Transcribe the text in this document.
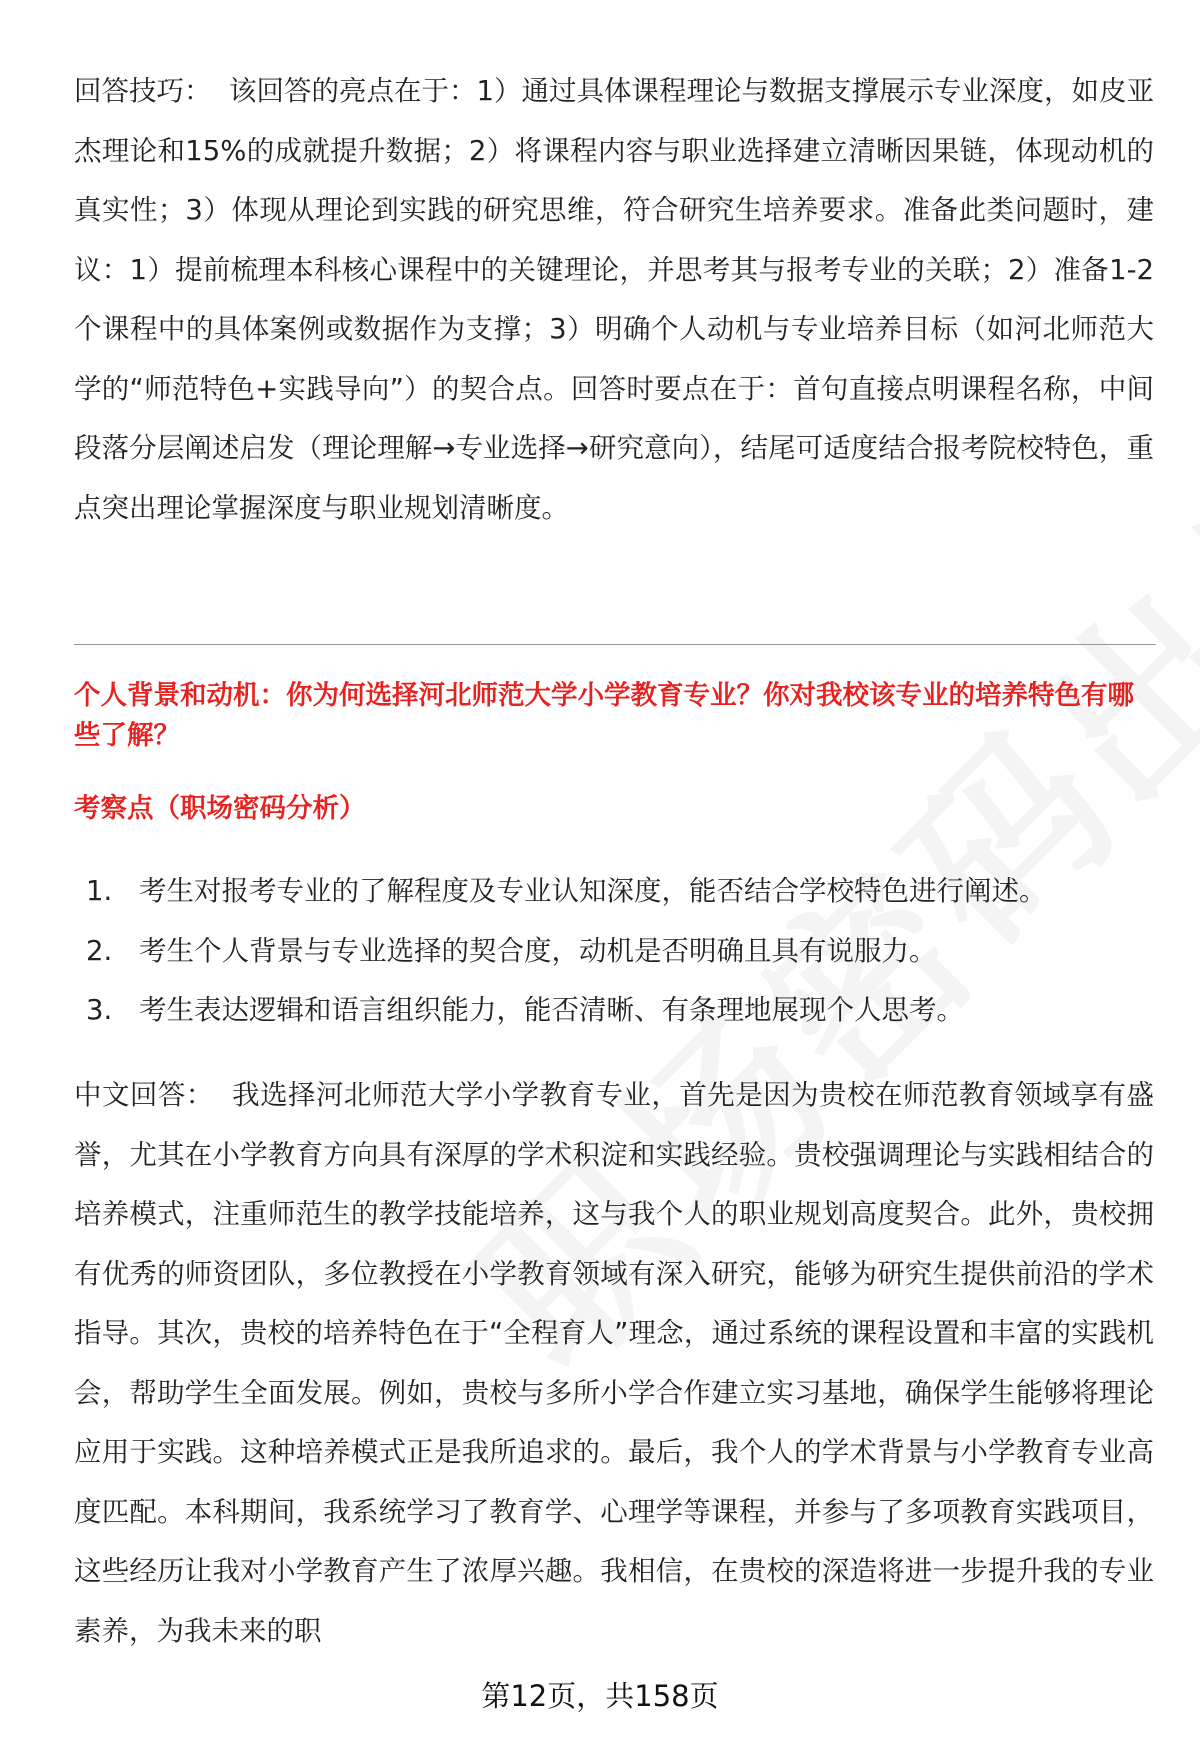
回答技巧： 该回答的亮点在于：1）通过具体课程理论与数据支撑展示专业深度，如皮亚杰理论和15%的成就提升数据；2）将课程内容与职业选择建立清晰因果链，体现动机的真实性；3）体现从理论到实践的研究思维，符合研究生培养要求。准备此类问题时，建议：1）提前梳理本科核心课程中的关键理论，并思考其与报考专业的关联；2）准备1-2个课程中的具体案例或数据作为支撑；3）明确个人动机与专业培养目标（如河北师范大学的“师范特色+实践导向”）的契合点。回答时要点在于：首句直接点明课程名称，中间段落分层阐述启发（理论理解→专业选择→研究意向），结尾可适度结合报考院校特色，重点突出理论掌握深度与职业规划清晰度。

个人背景和动机：你为何选择河北师范大学小学教育专业？你对我校该专业的培养特色有哪些了解？
考察点（职场密码分析）
1. 考生对报考专业的了解程度及专业认知深度，能否结合学校特色进行阐述。
2. 考生个人背景与专业选择的契合度，动机是否明确且具有说服力。
3. 考生表达逻辑和语言组织能力，能否清晰、有条理地展现个人思考。

中文回答： 我选择河北师范大学小学教育专业，首先是因为贵校在师范教育领域享有盛誉，尤其在小学教育方向具有深厚的学术积淀和实践经验。贵校强调理论与实践相结合的培养模式，注重师范生的教学技能培养，这与我个人的职业规划高度契合。此外，贵校拥有优秀的师资团队，多位教授在小学教育领域有深入研究，能够为研究生提供前沿的学术指导。其次，贵校的培养特色在于“全程育人”理念，通过系统的课程设置和丰富的实践机会，帮助学生全面发展。例如，贵校与多所小学合作建立实习基地，确保学生能够将理论应用于实践。这种培养模式正是我所追求的。最后，我个人的学术背景与小学教育专业高度匹配。本科期间，我系统学习了教育学、心理学等课程，并参与了多项教育实践项目，这些经历让我对小学教育产生了浓厚兴趣。我相信，在贵校的深造将进一步提升我的专业素养，为我未来的职

第12页，共158页
